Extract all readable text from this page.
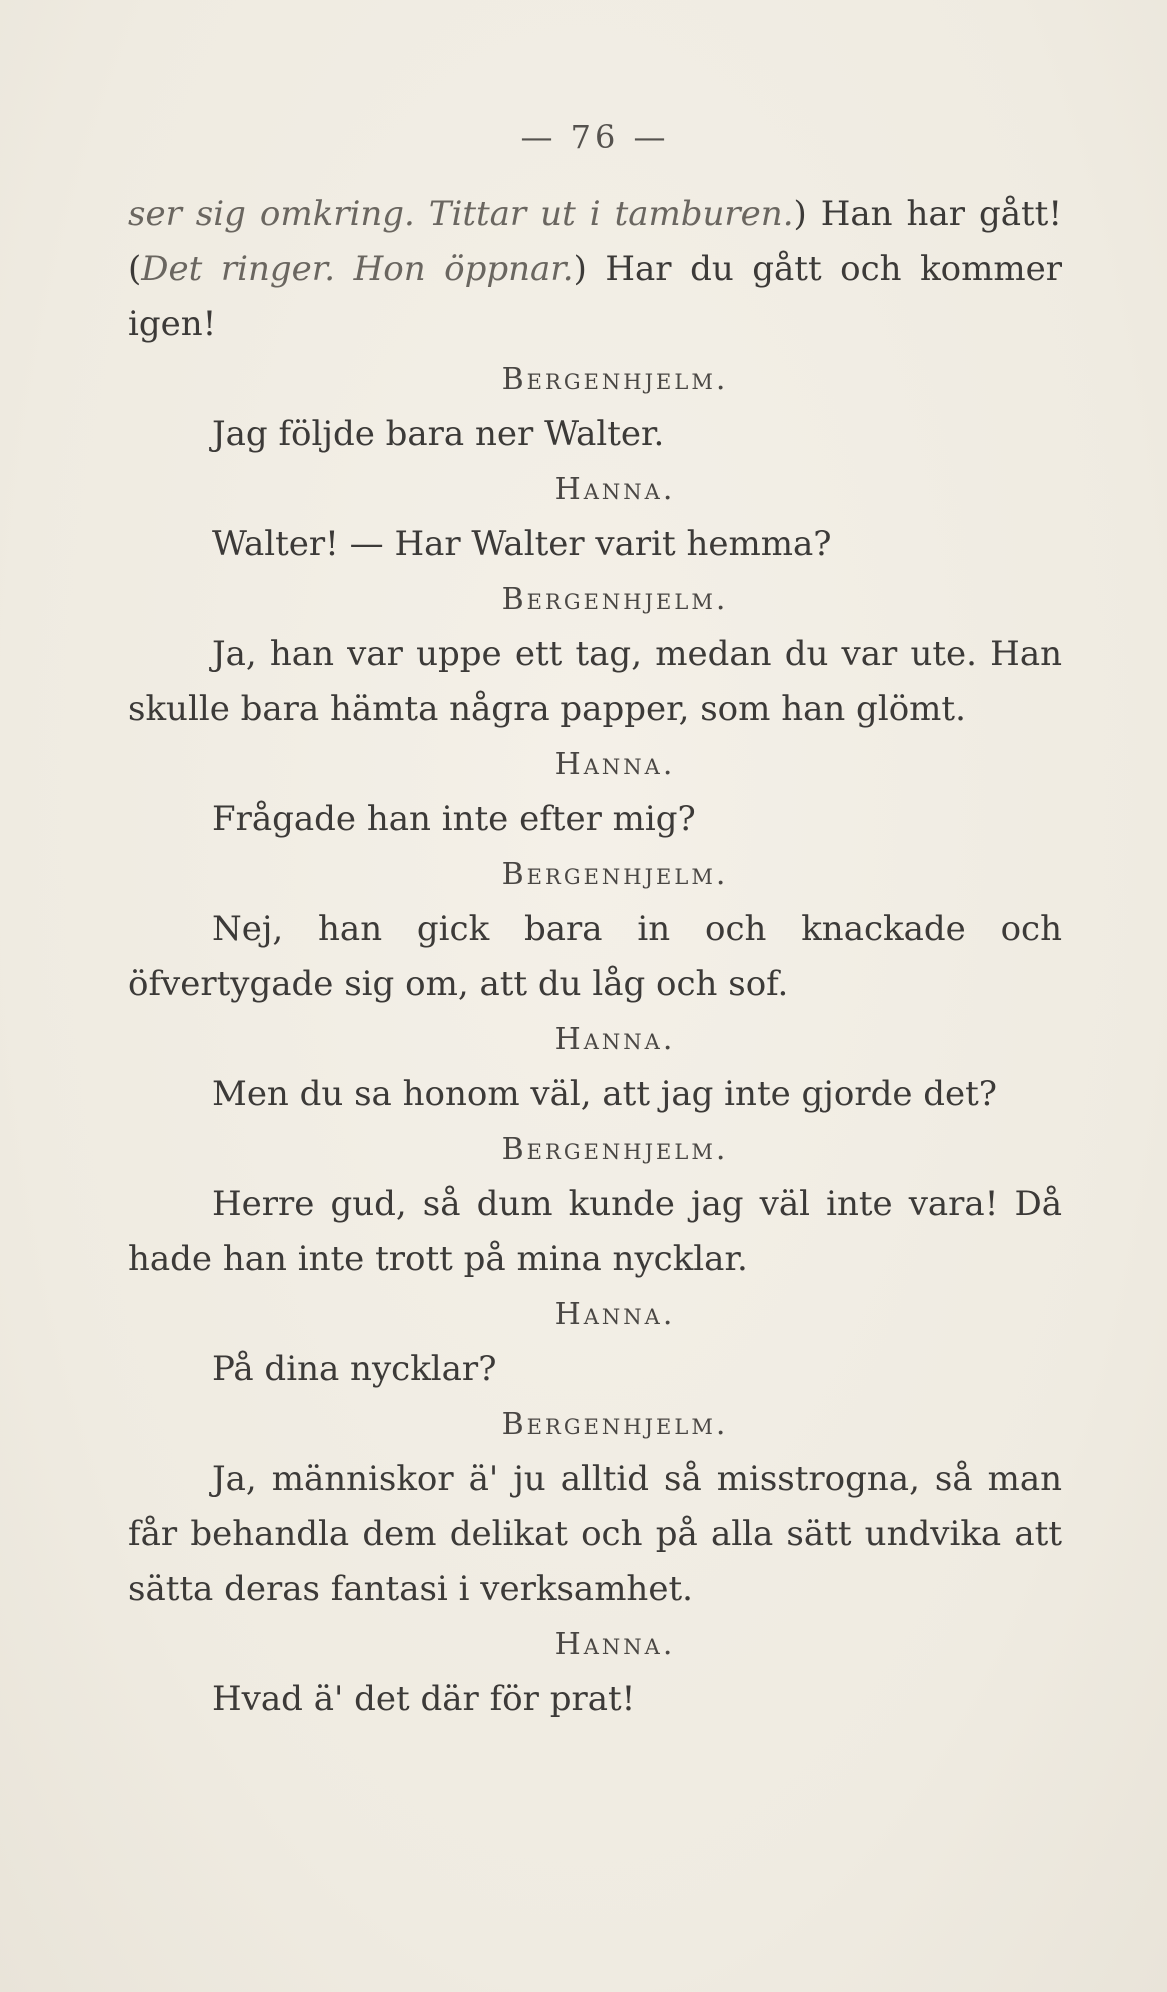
— 76 —
ser sig omkring. Tittar ut i tamburen.) Han har gått! (Det ringer. Hon öppnar.) Har du gått och kommer igen!
Bergenhjelm.
Jag följde bara ner Walter.
Hanna.
Walter! — Har Walter varit hemma?
Bergenhjelm.
Ja, han var uppe ett tag, medan du var ute. Han skulle bara hämta några papper, som han glömt.
Hanna.
Frågade han inte efter mig?
Bergenhjelm.
Nej, han gick bara in och knackade och öfvertygade sig om, att du låg och sof.
Hanna.
Men du sa honom väl, att jag inte gjorde det?
Bergenhjelm.
Herre gud, så dum kunde jag väl inte vara! Då hade han inte trott på mina nycklar.
Hanna.
På dina nycklar?
Bergenhjelm.
Ja, människor ä' ju alltid så misstrogna, så man får behandla dem delikat och på alla sätt undvika att sätta deras fantasi i verksamhet.
Hanna.
Hvad ä' det där för prat!
